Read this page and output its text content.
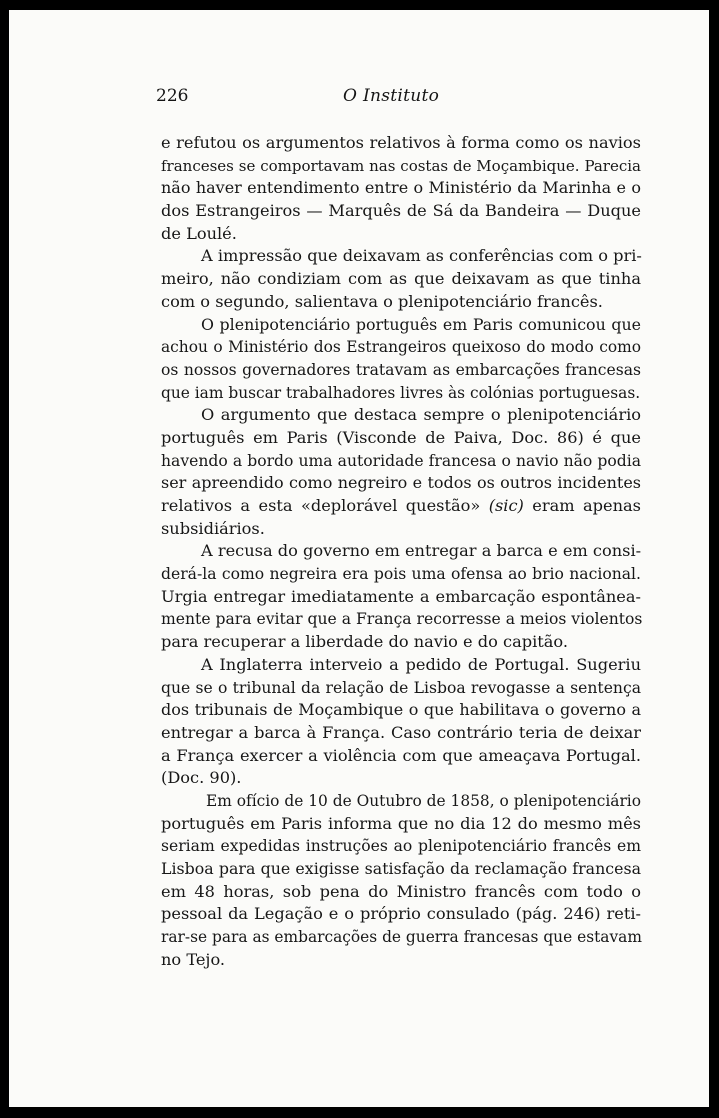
226	O Instituto
e refutou os argumentos relativos à forma como os navios
franceses se comportavam nas costas de Moçambique. Parecia
não haver entendimento entre o Ministério da Marinha e o
dos Estrangeiros — Marquês de Sá da Bandeira — Duque
de Loulé.
A impressão que deixavam as conferências com o pri-
meiro, não condiziam com as que deixavam as que tinha
com o segundo, salientava o plenipotenciário francês.
O plenipotenciário português em Paris comunicou que
achou o Ministério dos Estrangeiros queixoso do modo como
os nossos governadores tratavam as embarcações francesas
que iam buscar trabalhadores livres às colónias portuguesas.
O argumento que destaca sempre o plenipotenciário
português em Paris (Visconde de Paiva, Doc. 86) é que
havendo a bordo uma autoridade francesa o navio não podia
ser apreendido como negreiro e todos os outros incidentes
relativos a esta «deplorável questão» (sic) eram apenas
subsidiários.
A recusa do governo em entregar a barca e em consi-
derá-la como negreira era pois uma ofensa ao brio nacional.
Urgia entregar imediatamente a embarcação espontânea-
mente para evitar que a França recorresse a meios violentos
para recuperar a liberdade do navio e do capitão.
A Inglaterra interveio a pedido de Portugal. Sugeriu
que se o tribunal da relação de Lisboa revogasse a sentença
dos tribunais de Moçambique o que habilitava o governo a
entregar a barca à França. Caso contrário teria de deixar
a França exercer a violência com que ameaçava Portugal.
(Doc. 90).
Em ofício de 10 de Outubro de 1858, o plenipotenciário
português em Paris informa que no dia 12 do mesmo mês
seriam expedidas instruções ao plenipotenciário francês em
Lisboa para que exigisse satisfação da reclamação francesa
em 48 horas, sob pena do Ministro francês com todo o
pessoal da Legação e o próprio consulado (pág. 246) reti-
rar-se para as embarcações de guerra francesas que estavam
no Tejo.
